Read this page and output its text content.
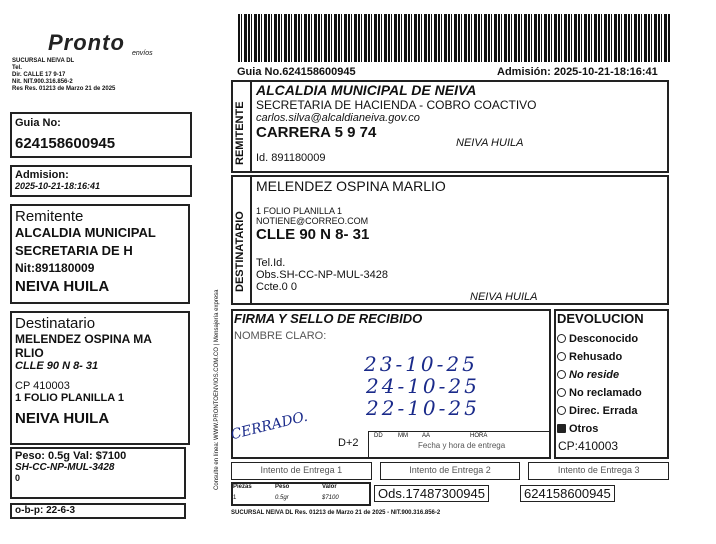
Pronto envíos
SUCURSAL NEIVA DL
Tel.
Dir. CALLE 17 9-17
Nit. NIT.900.316.856-2
Res Res. 01213 de Marzo 21 de 2025
Guia No:
624158600945
Admision:
2025-10-21-18:16:41
Remitente
ALCALDIA MUNICIPAL
SECRETARIA DE H
Nit:891180009
NEIVA HUILA
Destinatario
MELENDEZ OSPINA MA
RLIO
CLLE 90 N 8- 31
CP 410003
1 FOLIO PLANILLA 1
NEIVA HUILA
Peso: 0.5g Val: $7100
SH-CC-NP-MUL-3428
0
o-b-p: 22-6-3
Consulte en línea: WWW.PRONTOENVIOS.COM.CO | Mensajería expresa
Guia No.624158600945	Admisión: 2025-10-21-18:16:41
REMITENTE
ALCALDIA MUNICIPAL DE NEIVA
SECRETARIA DE HACIENDA - COBRO COACTIVO
carlos.silva@alcaldianeiva.gov.co
CARRERA 5 9 74
NEIVA HUILA
Id. 891180009
DESTINATARIO
MELENDEZ OSPINA MARLIO
1 FOLIO PLANILLA 1
NOTIENE@CORREO.COM
CLLE 90 N 8- 31
Tel.Id.
Obs.SH-CC-NP-MUL-3428
Ccte.0 0
NEIVA HUILA
FIRMA Y SELLO DE RECIBIDO
NOMBRE CLARO:
23-10-25
24-10-25
22-10-25
CERRADO.	D+2
DD	MM AA	HORA
Fecha y hora de entrega
DEVOLUCION
Desconocido
Rehusado
No reside
No reclamado
Direc. Errada
Otros
CP:410003
Intento de Entrega 1	Intento de Entrega 2	Intento de Entrega 3
Piezas	Peso	Valor
1	0.5gr	$7100	Ods.17487300945	624158600945
SUCURSAL NEIVA DL Res. 01213 de Marzo 21 de 2025 - NIT.900.316.856-2
